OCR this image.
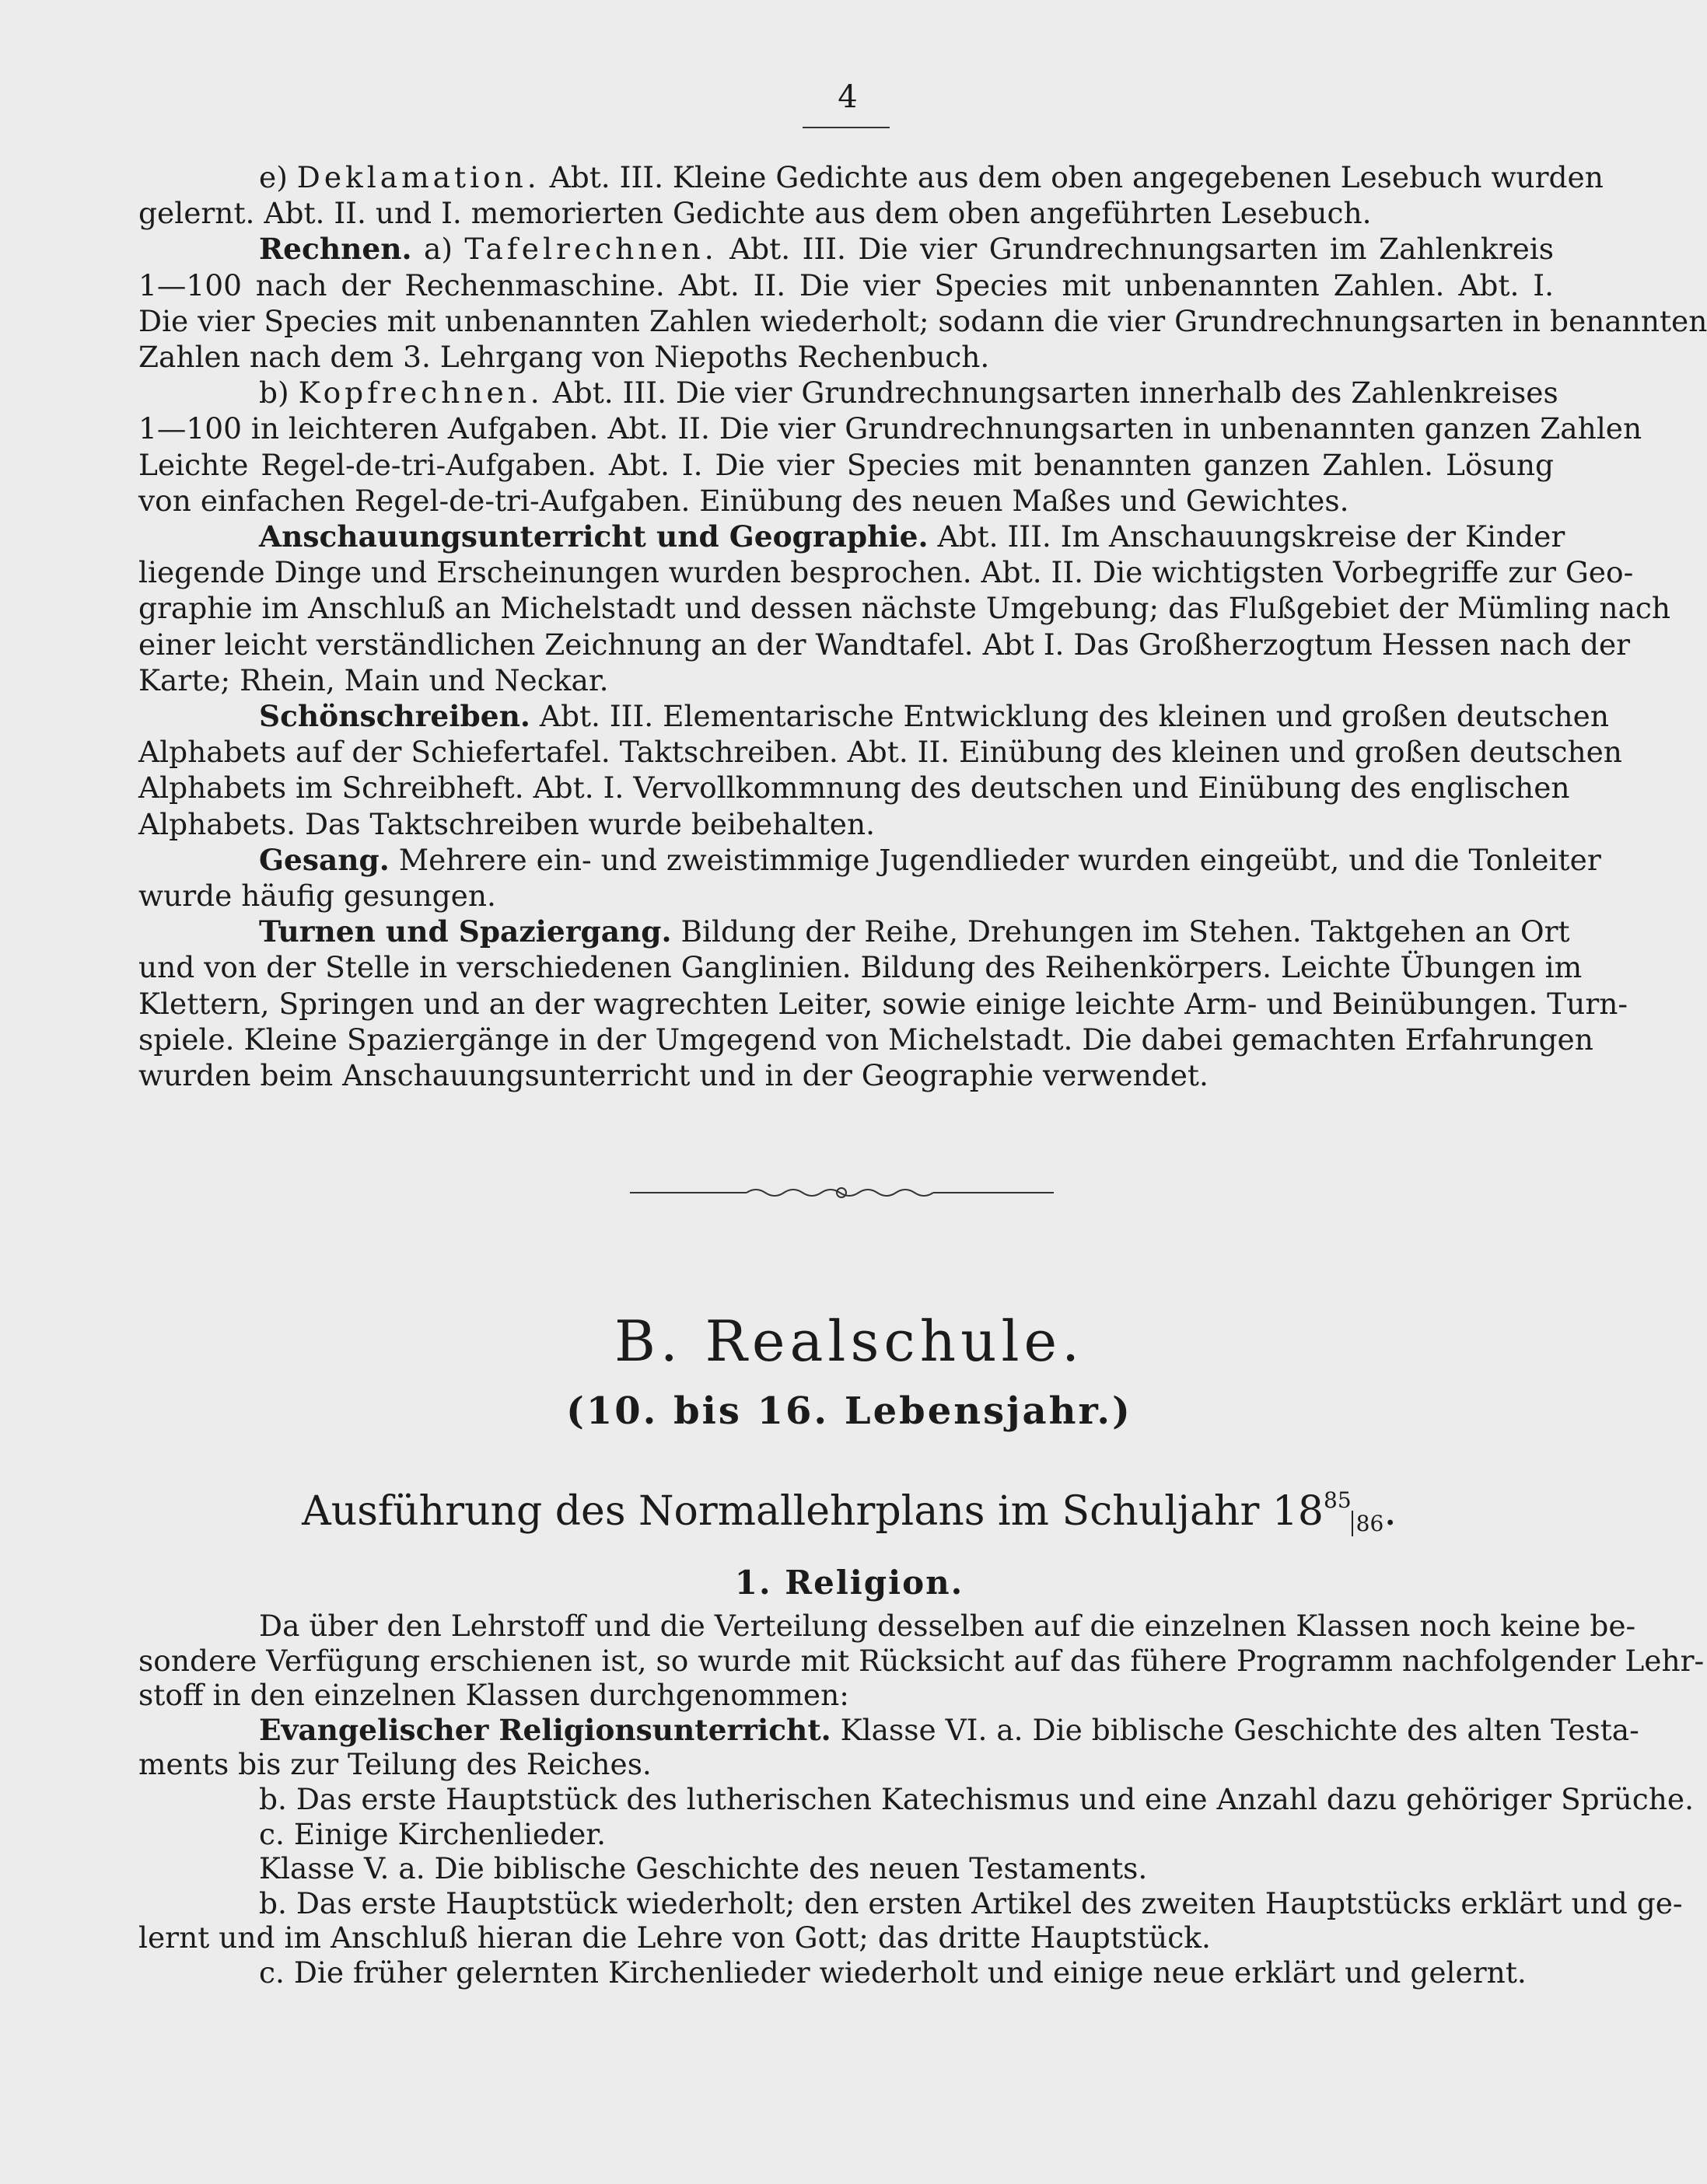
4
e) Deklamation. Abt. III. Kleine Gedichte aus dem oben angegebenen Lesebuch wurden
gelernt. Abt. II. und I. memorierten Gedichte aus dem oben angeführten Lesebuch.
Rechnen. a) Tafelrechnen. Abt. III. Die vier Grundrechnungsarten im Zahlenkreis
1—100 nach der Rechenmaschine. Abt. II. Die vier Species mit unbenannten Zahlen. Abt. I.
Die vier Species mit unbenannten Zahlen wiederholt; sodann die vier Grundrechnungsarten in benannten
Zahlen nach dem 3. Lehrgang von Niepoths Rechenbuch.
b) Kopfrechnen. Abt. III. Die vier Grundrechnungsarten innerhalb des Zahlenkreises
1—100 in leichteren Aufgaben. Abt. II. Die vier Grundrechnungsarten in unbenannten ganzen Zahlen
Leichte Regel-de-tri-Aufgaben. Abt. I. Die vier Species mit benannten ganzen Zahlen. Lösung
von einfachen Regel-de-tri-Aufgaben. Einübung des neuen Maßes und Gewichtes.
Anschauungsunterricht und Geographie. Abt. III. Im Anschauungskreise der Kinder
liegende Dinge und Erscheinungen wurden besprochen. Abt. II. Die wichtigsten Vorbegriffe zur Geo-
graphie im Anschluß an Michelstadt und dessen nächste Umgebung; das Flußgebiet der Mümling nach
einer leicht verständlichen Zeichnung an der Wandtafel. Abt I. Das Großherzogtum Hessen nach der
Karte; Rhein, Main und Neckar.
Schönschreiben. Abt. III. Elementarische Entwicklung des kleinen und großen deutschen
Alphabets auf der Schiefertafel. Taktschreiben. Abt. II. Einübung des kleinen und großen deutschen
Alphabets im Schreibheft. Abt. I. Vervollkommnung des deutschen und Einübung des englischen
Alphabets. Das Taktschreiben wurde beibehalten.
Gesang. Mehrere ein- und zweistimmige Jugendlieder wurden eingeübt, und die Tonleiter
wurde häufig gesungen.
Turnen und Spaziergang. Bildung der Reihe, Drehungen im Stehen. Taktgehen an Ort
und von der Stelle in verschiedenen Ganglinien. Bildung des Reihenkörpers. Leichte Übungen im
Klettern, Springen und an der wagrechten Leiter, sowie einige leichte Arm- und Beinübungen. Turn-
spiele. Kleine Spaziergänge in der Umgegend von Michelstadt. Die dabei gemachten Erfahrungen
wurden beim Anschauungsunterricht und in der Geographie verwendet.
B. Realschule.
(10. bis 16. Lebensjahr.)
Ausführung des Normallehrplans im Schuljahr $18^{85}86$.
1. Religion.
Da über den Lehrstoff und die Verteilung desselben auf die einzelnen Klassen noch keine be-
sondere Verfügung erschienen ist, so wurde mit Rücksicht auf das fühere Programm nachfolgender Lehr-
stoff in den einzelnen Klassen durchgenommen:
Evangelischer Religionsunterricht. Klasse VI. a. Die biblische Geschichte des alten Testa-
ments bis zur Teilung des Reiches.
b. Das erste Hauptstück des lutherischen Katechismus und eine Anzahl dazu gehöriger Sprüche.
c. Einige Kirchenlieder.
Klasse V. a. Die biblische Geschichte des neuen Testaments.
b. Das erste Hauptstück wiederholt; den ersten Artikel des zweiten Hauptstücks erklärt und ge-
lernt und im Anschluß hieran die Lehre von Gott; das dritte Hauptstück.
c. Die früher gelernten Kirchenlieder wiederholt und einige neue erklärt und gelernt.
